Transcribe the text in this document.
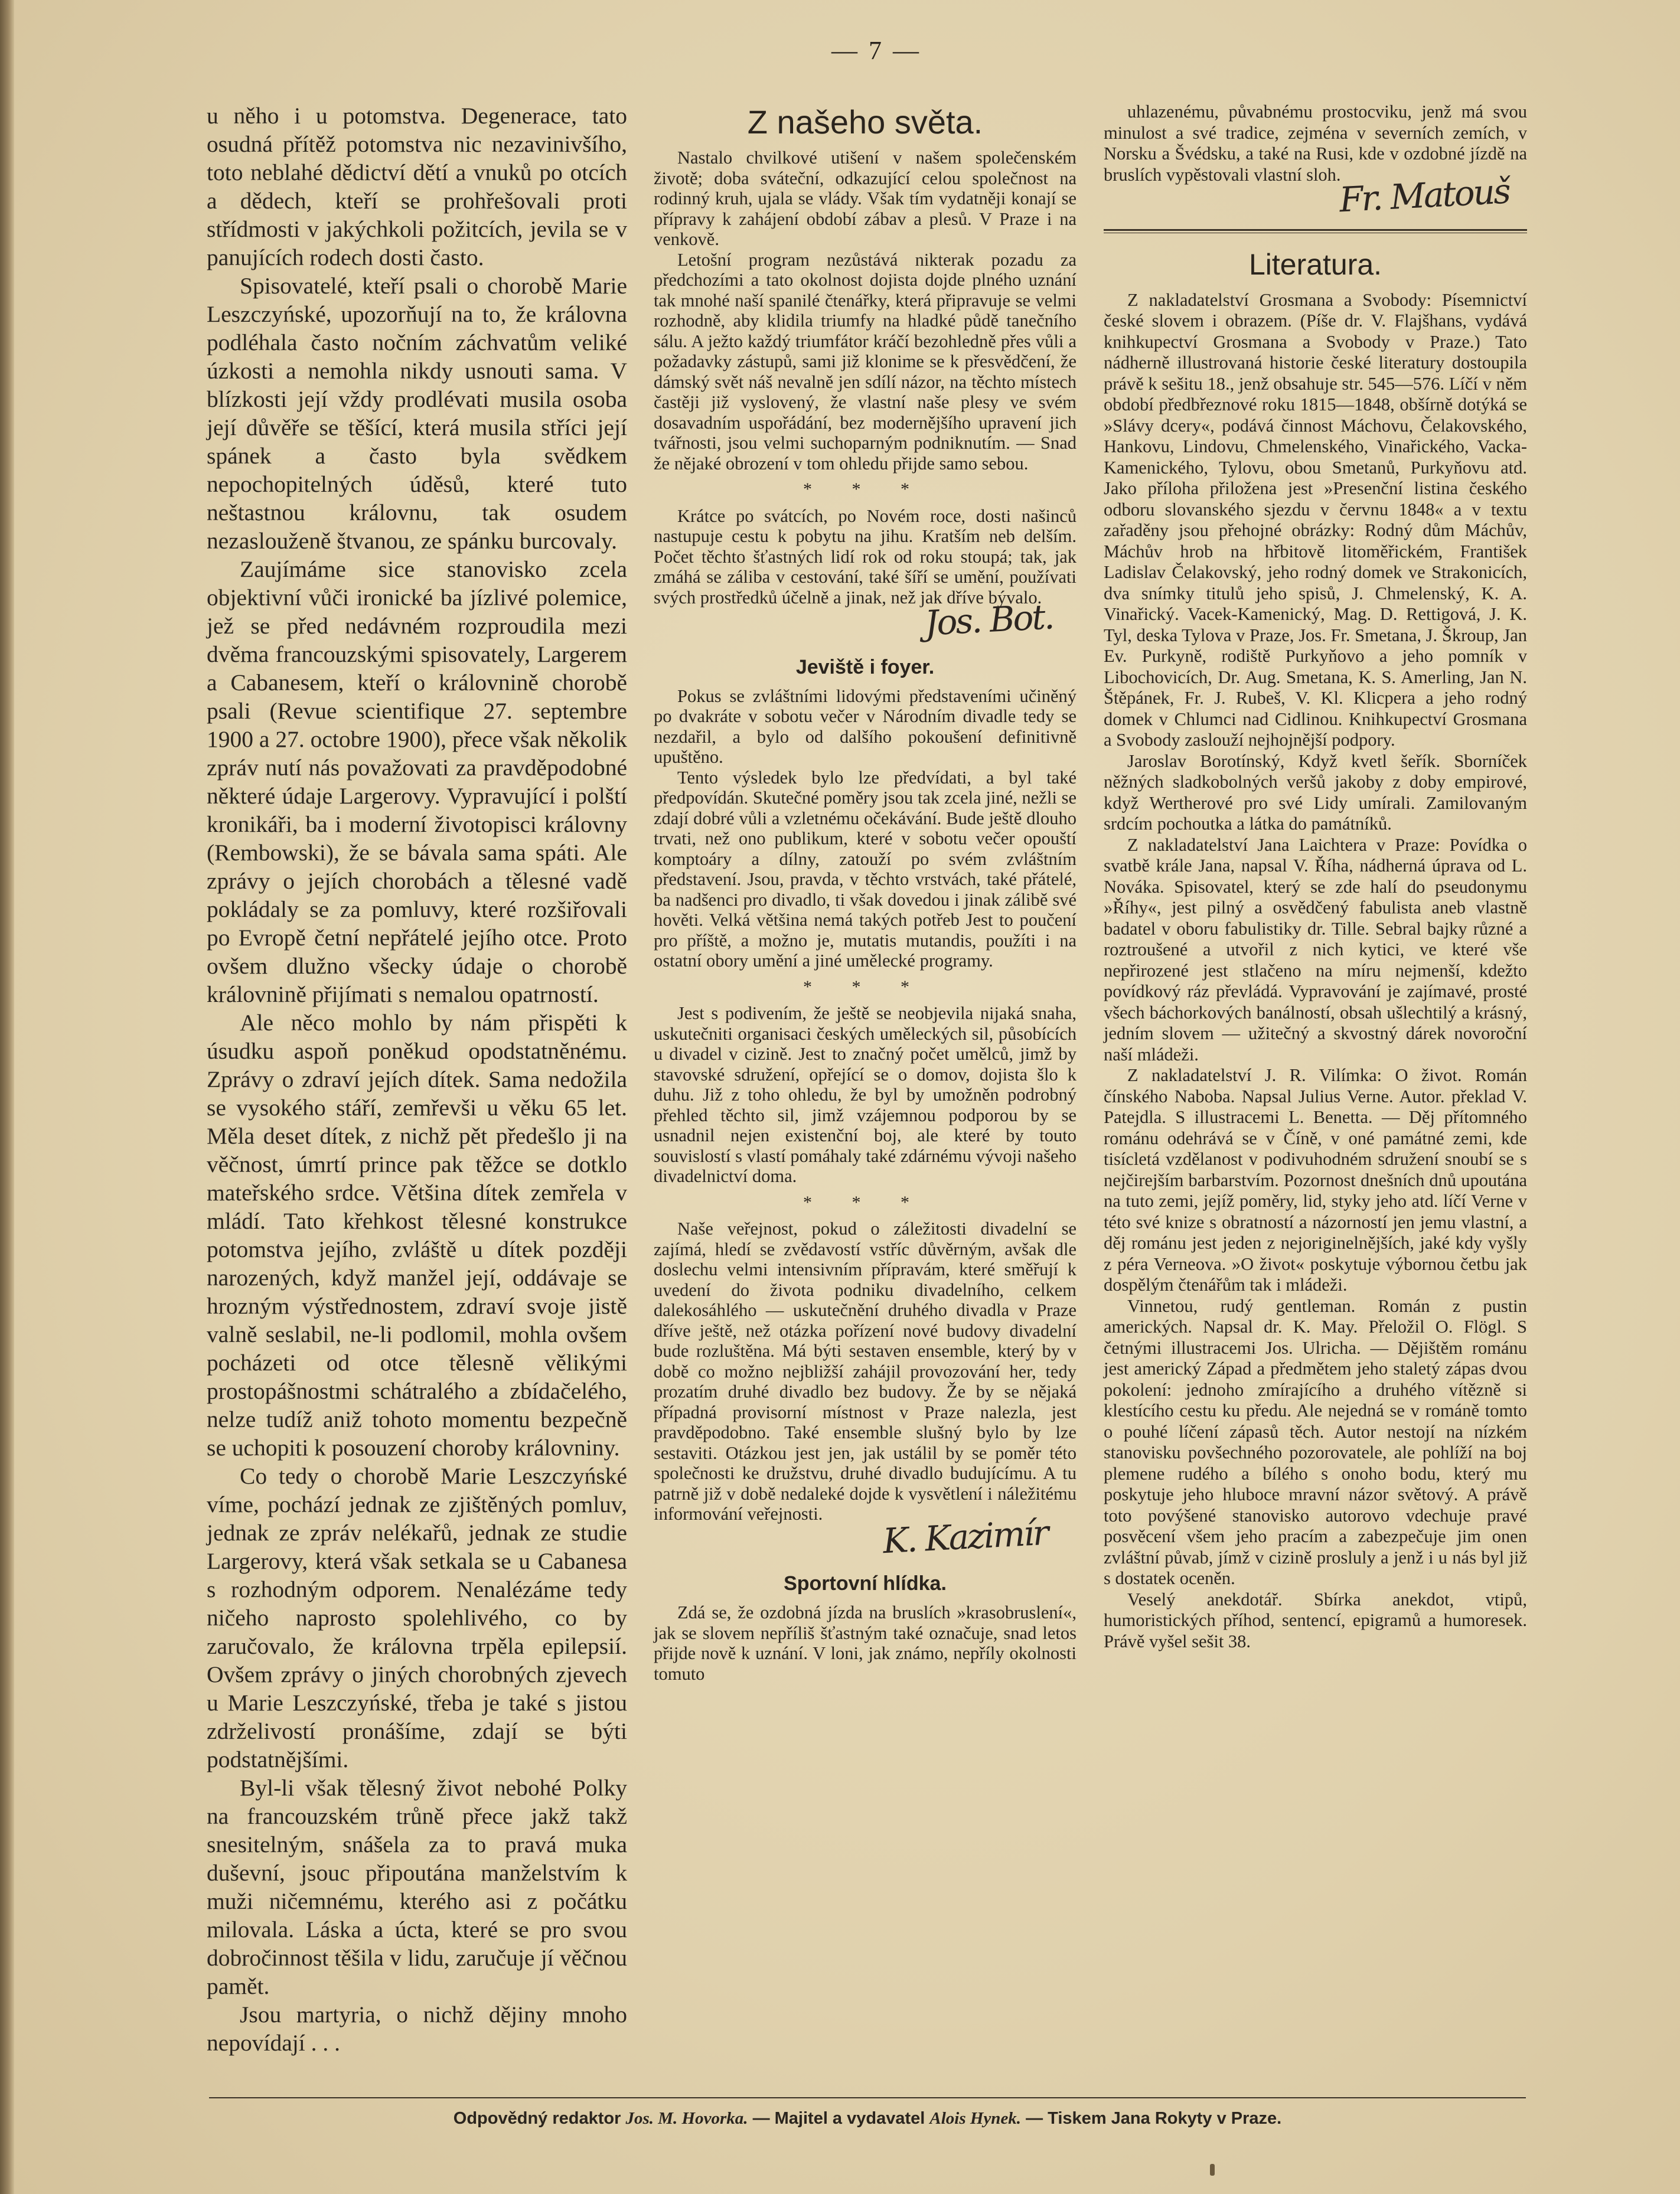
— 7 —

u něho i u potomstva. Degenerace, tato osudná přítěž potomstva nic nezavinivšího, toto neblahé dědictví dětí a vnuků po otcích a dědech, kteří se prohřešovali proti střídmosti v jakýchkoli požitcích, jevila se v panujících rodech dosti často.

Spisovatelé, kteří psali o chorobě Marie Leszczyńské, upozorňují na to, že královna podléhala často nočním záchvatům veliké úzkosti a nemohla nikdy usnouti sama. V blízkosti její vždy prodlévati musila osoba její důvěře se těšící, která musila stříci její spánek a často byla svědkem nepochopitelných úděsů, které tuto neštastnou královnu, tak osudem nezaslouženě štvanou, ze spánku burcovaly.

Zaujímáme sice stanovisko zcela objektivní vůči ironické ba jízlivé polemice, jež se před nedávném rozproudila mezi dvěma francouzskými spisovately, Largerem a Cabanesem, kteří o královnině chorobě psali (Revue scientifique 27. septembre 1900 a 27. octobre 1900), přece však několik zpráv nutí nás považovati za pravděpodobné některé údaje Largerovy. Vypravující i polští kronikáři, ba i moderní životopisci královny (Rembowski), že se bávala sama spáti. Ale zprávy o jejích chorobách a tělesné vadě pokládaly se za pomluvy, které rozšiřovali po Evropě četní nepřátelé jejího otce. Proto ovšem dlužno všecky údaje o chorobě královnině přijímati s nemalou opatrností.

Ale něco mohlo by nám přispěti k úsudku aspoň poněkud opodstatněnému. Zprávy o zdraví jejích dítek. Sama nedožila se vysokého stáří, zemřevši u věku 65 let. Měla deset dítek, z nichž pět předešlo ji na věčnost, úmrtí prince pak těžce se dotklo mateřského srdce. Většina dítek zemřela v mládí. Tato křehkost tělesné konstrukce potomstva jejího, zvláště u dítek později narozených, když manžel její, oddávaje se hrozným výstřednostem, zdraví svoje jistě valně seslabil, ne-li podlomil, mohla ovšem pocházeti od otce tělesně vělikými prostopášnostmi schátralého a zbídačelého, nelze tudíž aniž tohoto momentu bezpečně se uchopiti k posouzení choroby královniny.

Co tedy o chorobě Marie Leszczyńské víme, pochází jednak ze zjištěných pomluv, jednak ze zpráv nelékařů, jednak ze studie Largerovy, která však setkala se u Cabanesa s rozhodným odporem. Nenalézáme tedy ničeho naprosto spolehlivého, co by zaručovalo, že královna trpěla epilepsií. Ovšem zprávy o jiných chorobných zjevech u Marie Leszczyńské, třeba je také s jistou zdrželivostí pronášíme, zdají se býti podstatnějšími.

Byl-li však tělesný život nebohé Polky na francouzském trůně přece jakž takž snesitelným, snášela za to pravá muka duševní, jsouc připoutána manželstvím k muži ničemnému, kterého asi z počátku milovala. Láska a úcta, které se pro svou dobročinnost těšila v lidu, zaručuje jí věčnou pamět.

Jsou martyria, o nichž dějiny mnoho nepovídají . . .

Z našeho světa.

Nastalo chvilkové utišení v našem společenském životě; doba sváteční, odkazující celou společnost na rodinný kruh, ujala se vlády. Však tím vydatněji konají se přípravy k zahájení období zábav a plesů. V Praze i na venkově.

Letošní program nezůstává nikterak pozadu za předchozími a tato okolnost dojista dojde plného uznání tak mnohé naší spanilé čtenářky, která připravuje se velmi rozhodně, aby klidila triumfy na hladké půdě tanečního sálu. A ježto každý triumfátor kráčí bezohledně přes vůli a požadavky zástupů, sami již klonime se k přesvědčení, že dámský svět náš nevalně jen sdílí názor, na těchto místech častěji již vyslovený, že vlastní naše plesy ve svém dosavadním uspořádání, bez modernějšího upravení jich tvářnosti, jsou velmi suchoparným podniknutím. — Snad že nějaké obrození v tom ohledu přijde samo sebou.

* * *

Krátce po svátcích, po Novém roce, dosti našinců nastupuje cestu k pobytu na jihu. Kratším neb delším. Počet těchto šťastných lidí rok od roku stoupá; tak, jak zmáhá se záliba v cestování, také šíří se umění, používati svých prostředků účelně a jinak, než jak dříve bývalo.

Jos. Bot.
Jeviště i foyer.

Pokus se zvláštními lidovými představeními učiněný po dvakráte v sobotu večer v Národním divadle tedy se nezdařil, a bylo od dalšího pokoušení definitivně upuštěno.

Tento výsledek bylo lze předvídati, a byl také předpovídán. Skutečné poměry jsou tak zcela jiné, nežli se zdají dobré vůli a vzletnému očekávání. Bude ještě dlouho trvati, než ono publikum, které v sobotu večer opouští komptoáry a dílny, zatouží po svém zvláštním představení. Jsou, pravda, v těchto vrstvách, také přátelé, ba nadšenci pro divadlo, ti však dovedou i jinak zálibě své hověti. Velká většina nemá takých potřeb Jest to poučení pro příště, a možno je, mutatis mutandis, použíti i na ostatní obory umění a jiné umělecké programy.

* * *

Jest s podivením, že ještě se neobjevila nijaká snaha, uskutečniti organisaci českých uměleckých sil, působících u divadel v cizině. Jest to značný počet umělců, jimž by stavovské sdružení, opřející se o domov, dojista šlo k duhu. Již z toho ohledu, že byl by umožněn podrobný přehled těchto sil, jimž vzájemnou podporou by se usnadnil nejen existenční boj, ale které by touto souvislostí s vlastí pomáhaly také zdárnému vývoji našeho divadelnictví doma.

* * *

Naše veřejnost, pokud o záležitosti divadelní se zajímá, hledí se zvědavostí vstříc důvěrným, avšak dle doslechu velmi intensivním přípravám, které směřují k uvedení do života podniku divadelního, celkem dalekosáhlého — uskutečnění druhého divadla v Praze dříve ještě, než otázka pořízení nové budovy divadelní bude rozluštěna. Má býti sestaven ensemble, který by v době co možno nejbližší zahájil provozování her, tedy prozatím druhé divadlo bez budovy. Že by se nějaká případná provisorní místnost v Praze nalezla, jest pravděpodobno. Také ensemble slušný bylo by lze sestaviti. Otázkou jest jen, jak ustálil by se poměr této společnosti ke družstvu, druhé divadlo budujícímu. A tu patrně již v době nedaleké dojde k vysvětlení i náležitému informování veřejnosti.	K. Kazimír
Sportovní hlídka.

Zdá se, že ozdobná jízda na bruslích »krasobruslení«, jak se slovem nepříliš šťastným také označuje, snad letos přijde nově k uznání. V loni, jak známo, nepříly okolnosti tomuto

uhlazenému, půvabnému prostocviku, jenž má svou minulost a své tradice, zejména v severních zemích, v Norsku a Švédsku, a také na Rusi, kde v ozdobné jízdě na bruslích vypěstovali vlastní sloh.

Fr. Matouš
Literatura.

Z nakladatelství Grosmana a Svobody: Písemnictví české slovem i obrazem. (Píše dr. V. Flajšhans, vydává knihkupectví Grosmana a Svobody v Praze.) Tato nádherně illustrovaná historie české literatury dostoupila právě k sešitu 18., jenž obsahuje str. 545—576. Líčí v něm období předbřeznové roku 1815—1848, obšírně dotýká se »Slávy dcery«, podává činnost Máchovu, Čelakovského, Hankovu, Lindovu, Chmelenského, Vinařického, Vacka-Kamenického, Tylovu, obou Smetanů, Purkyňovu atd. Jako příloha přiložena jest »Presenční listina českého odboru slovanského sjezdu v červnu 1848« a v textu zařaděny jsou přehojné obrázky: Rodný dům Máchův, Máchův hrob na hřbitově litoměřickém, František Ladislav Čelakovský, jeho rodný domek ve Strakonicích, dva snímky titulů jeho spisů, J. Chmelenský, K. A. Vinařický. Vacek-Kamenický, Mag. D. Rettigová, J. K. Tyl, deska Tylova v Praze, Jos. Fr. Smetana, J. Škroup, Jan Ev. Purkyně, rodiště Purkyňovo a jeho pomník v Libochovicích, Dr. Aug. Smetana, K. S. Amerling, Jan N. Štěpánek, Fr. J. Rubeš, V. Kl. Klicpera a jeho rodný domek v Chlumci nad Cidlinou. Knihkupectví Grosmana a Svobody zaslouží nejhojnější podpory.

Jaroslav Borotínský, Když kvetl šeřík. Sborníček něžných sladkobolných veršů jakoby z doby empirové, když Wertherové pro své Lidy umírali. Zamilovaným srdcím pochoutka a látka do památníků.

Z nakladatelství Jana Laichtera v Praze: Povídka o svatbě krále Jana, napsal V. Říha, nádherná úprava od L. Nováka. Spisovatel, který se zde halí do pseudonymu »Říhy«, jest pilný a osvědčený fabulista aneb vlastně badatel v oboru fabulistiky dr. Tille. Sebral bajky různé a roztroušené a utvořil z nich kytici, ve které vše nepřirozené jest stlačeno na míru nejmenší, kdežto povídkový ráz převládá. Vypravování je zajímavé, prosté všech báchorkových banálností, obsah ušlechtilý a krásný, jedním slovem — užitečný a skvostný dárek novoroční naší mládeži.

Z nakladatelství J. R. Vilímka: O život. Román čínského Naboba. Napsal Julius Verne. Autor. překlad V. Patejdla. S illustracemi L. Benetta. — Děj přítomného románu odehrává se v Číně, v oné památné zemi, kde tisícletá vzdělanost v podivuhodném sdružení snoubí se s nejčirejším barbarstvím. Pozornost dnešních dnů upoutána na tuto zemi, jejíž poměry, lid, styky jeho atd. líčí Verne v této své knize s obratností a názorností jen jemu vlastní, a děj románu jest jeden z nejoriginelnějších, jaké kdy vyšly z péra Verneova. »O život« poskytuje výbornou četbu jak dospělým čtenářům tak i mládeži.

Vinnetou, rudý gentleman. Román z pustin amerických. Napsal dr. K. May. Přeložil O. Flögl. S četnými illustracemi Jos. Ulricha. — Dějištěm románu jest americký Západ a předmětem jeho staletý zápas dvou pokolení: jednoho zmírajícího a druhého vítězně si klestícího cestu ku předu. Ale nejedná se v románě tomto o pouhé líčení zápasů těch. Autor nestojí na nízkém stanovisku povšechného pozorovatele, ale pohlíží na boj plemene rudého a bílého s onoho bodu, který mu poskytuje jeho hluboce mravní názor světový. A právě toto povýšené stanovisko autorovo vdechuje pravé posvěcení všem jeho pracím a zabezpečuje jim onen zvláštní půvab, jímž v cizině prosluly a jenž i u nás byl již s dostatek oceněn.

Veselý anekdotář. Sbírka anekdot, vtipů, humoristických příhod, sentencí, epigramů a humoresek. Právě vyšel sešit 38.

Odpovědný redaktor Jos. M. Hovorka. — Majitel a vydavatel Alois Hynek. — Tiskem Jana Rokyty v Praze.
